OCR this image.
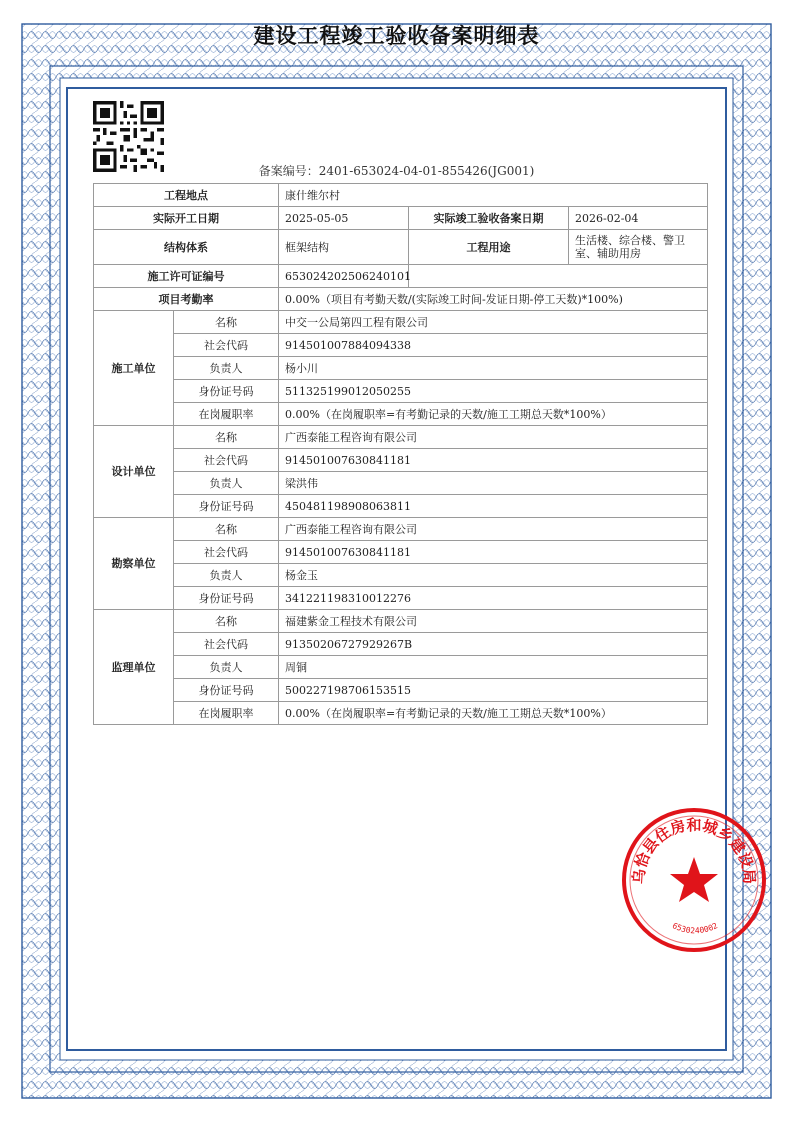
建设工程竣工验收备案明细表
备案编号：2401-653024-04-01-855426(JG001)
工程地点		康什维尔村		
实际开工日期		2025-05-05	实际竣工验收备案日期	2026-02-04
结构体系		框架结构	工程用途	生活楼、综合楼、警卫室、辅助用房
施工许可证编号		653024202506240101		
项目考勤率		0.00%（项目有考勤天数/(实际竣工时间-发证日期-停工天数)*100%)		
施工单位	名称	中交一公局第四工程有限公司		
	社会代码	914501007884094338		
	负责人	杨小川		
	身份证号码	511325199012050255		
	在岗履职率	0.00%（在岗履职率=有考勤记录的天数/施工工期总天数*100%）		
设计单位	名称	广西泰能工程咨询有限公司		
	社会代码	914501007630841181		
	负责人	梁洪伟		
	身份证号码	450481198908063811		
勘察单位	名称	广西泰能工程咨询有限公司		
	社会代码	914501007630841181		
	负责人	杨金玉		
	身份证号码	341221198310012276		
监理单位	名称	福建紫金工程技术有限公司		
	社会代码	91350206727929267B		
	负责人	周铜		
	身份证号码	500227198706153515		
	在岗履职率	0.00%（在岗履职率=有考勤记录的天数/施工工期总天数*100%）		
乌恰县住房和城乡建设局
6530240002
